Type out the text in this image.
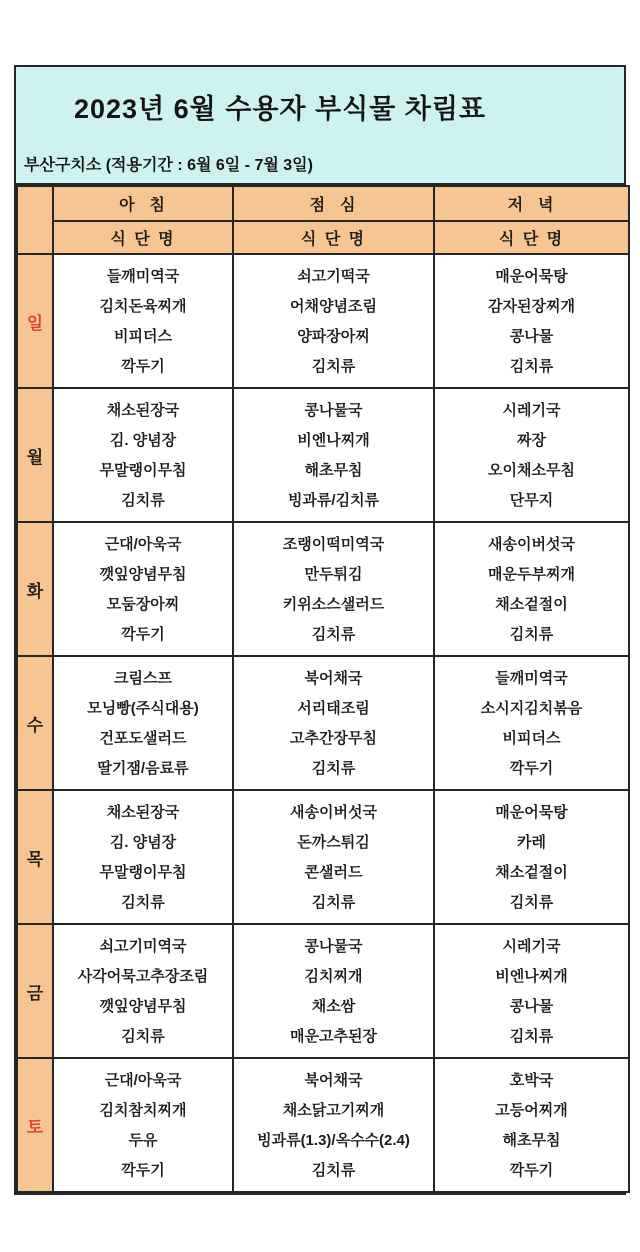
2023년 6월 수용자 부식물 차림표
부산구치소 (적용기간 : 6월 6일 - 7월 3일)
	아  침	점  심	저  녁
	식 단 명	식 단 명	식 단 명
일	
들깨미역국
김치돈육찌개
비피더스
깍두기

쇠고기떡국
어채양념조림
양파장아찌
김치류

매운어묵탕
감자된장찌개
콩나물
김치류

월	
채소된장국
김. 양념장
무말랭이무침
김치류

콩나물국
비엔나찌개
해초무침
빙과류/김치류

시레기국
짜장
오이채소무침
단무지

화	
근대/아욱국
깻잎양념무침
모둠장아찌
깍두기

조랭이떡미역국
만두튀김
키위소스샐러드
김치류

새송이버섯국
매운두부찌개
채소겉절이
김치류

수	
크림스프
모닝빵(주식대용)
건포도샐러드
딸기잼/음료류

북어채국
서리태조림
고추간장무침
김치류

들깨미역국
소시지김치볶음
비피더스
깍두기

목	
채소된장국
김. 양념장
무말랭이무침
김치류

새송이버섯국
돈까스튀김
콘샐러드
김치류

매운어묵탕
카레
채소겉절이
김치류

금	
쇠고기미역국
사각어묵고추장조림
깻잎양념무침
김치류

콩나물국
김치찌개
채소쌈
매운고추된장

시레기국
비엔나찌개
콩나물
김치류

토	
근대/아욱국
김치참치찌개
두유
깍두기

북어채국
채소닭고기찌개
빙과류(1.3)/옥수수(2.4)
김치류

호박국
고등어찌개
해초무침
깍두기
